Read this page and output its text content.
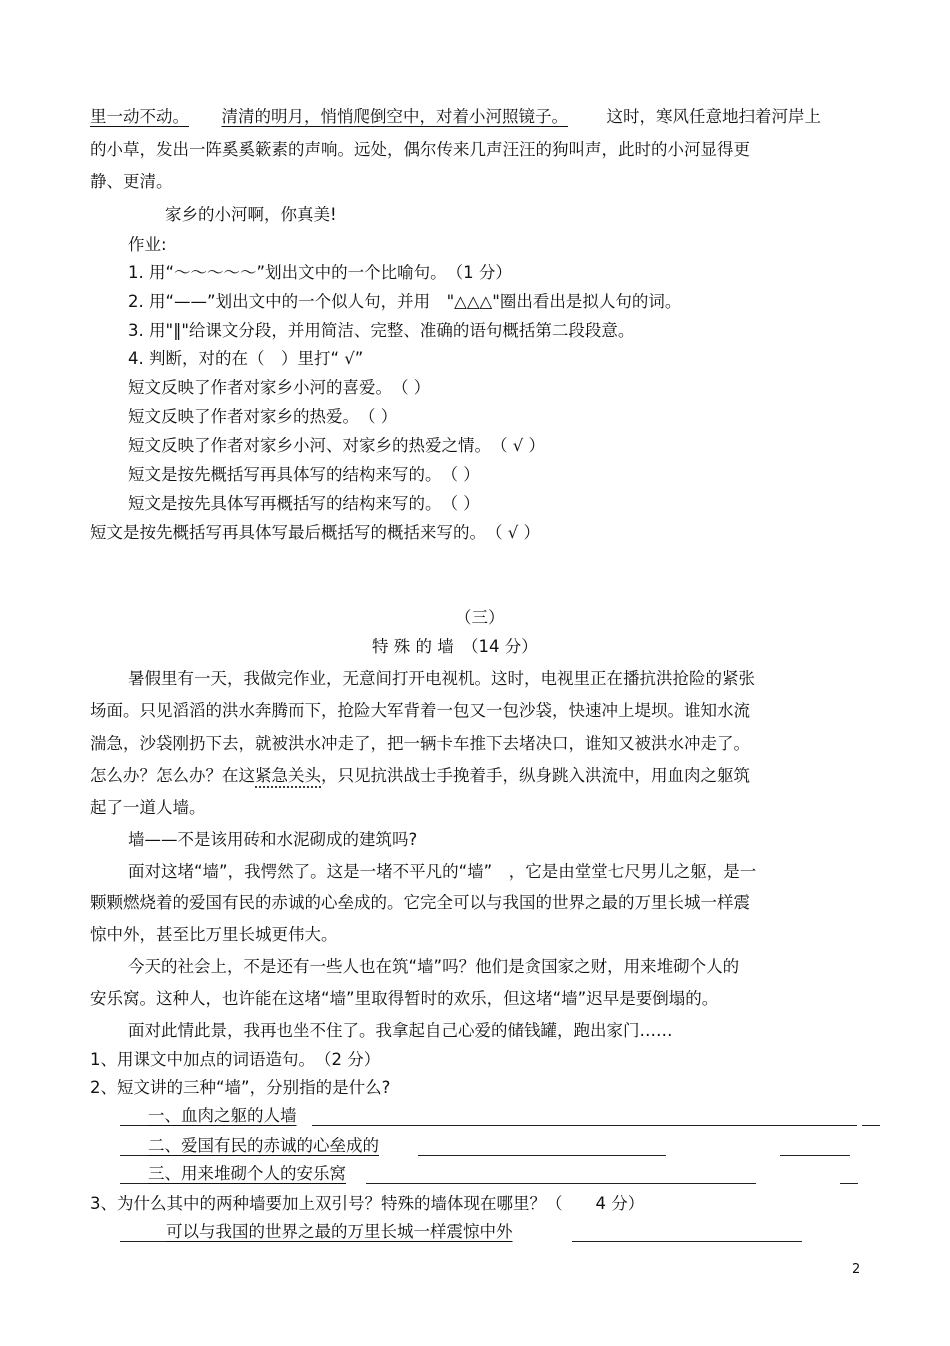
里一动不动。 清清的明月，悄悄爬倒空中，对着小河照镜子。 这时，寒风任意地扫着河岸上
的小草，发出一阵奚奚簌素的声响。远处，偶尔传来几声汪汪的狗叫声，此时的小河显得更
静、更清。
家乡的小河啊，你真美!
作业:
1. 用“～～～～～”划出文中的一个比喻句。　（1 分）
2. 用“——”划出文中的一个似人句，并用　"△△△"圈出看出是拟人句的词。
3. 用"‖"给课文分段，并用简洁、完整、准确的语句概括第二段段意。
4. 判断，对的在（　）里打“ √”
短文反映了作者对家乡小河的喜爱。　（ ）
短文反映了作者对家乡的热爱。　（ ）
短文反映了作者对家乡小河、对家乡的热爱之情。　（ √ ）
短文是按先概括写再具体写的结构来写的。　（ ）
短文是按先具体写再概括写的结构来写的。　（ ）
短文是按先概括写再具体写最后概括写的概括来写的。　（ √ ）
（三）
特 殊 的 墙　（14 分）
暑假里有一天，我做完作业，无意间打开电视机。这时，电视里正在播抗洪抢险的紧张
场面。只见滔滔的洪水奔腾而下，抢险大军背着一包又一包沙袋，快速冲上堤坝。谁知水流
湍急，沙袋刚扔下去，就被洪水冲走了，把一辆卡车推下去堵决口，谁知又被洪水冲走了。
怎么办？怎么办？在这紧急关头，只见抗洪战士手挽着手，纵身跳入洪流中，用血肉之躯筑
起了一道人墙。
墙——不是该用砖和水泥砌成的建筑吗?
面对这堵“墙”，我愕然了。这是一堵不平凡的“墙”　，它是由堂堂七尺男儿之躯，是一
颗颗燃烧着的爱国有民的赤诚的心垒成的。它完全可以与我国的世界之最的万里长城一样震
惊中外，甚至比万里长城更伟大。
今天的社会上，不是还有一些人也在筑“墙”吗？他们是贪国家之财，用来堆砌个人的
安乐窝。这种人，也许能在这堵“墙”里取得暂时的欢乐，但这堵“墙”迟早是要倒塌的。
面对此情此景，我再也坐不住了。我拿起自己心爱的储钱罐，跑出家门……
1、用课文中加点的词语造句。　（2 分）
2、短文讲的三种“墙”，分别指的是什么?
一、血肉之躯的人墙
二、爱国有民的赤诚的心垒成的
三、用来堆砌个人的安乐窝
3、为什么其中的两种墙要加上双引号？特殊的墙体现在哪里？（　　4 分）
可以与我国的世界之最的万里长城一样震惊中外
2
